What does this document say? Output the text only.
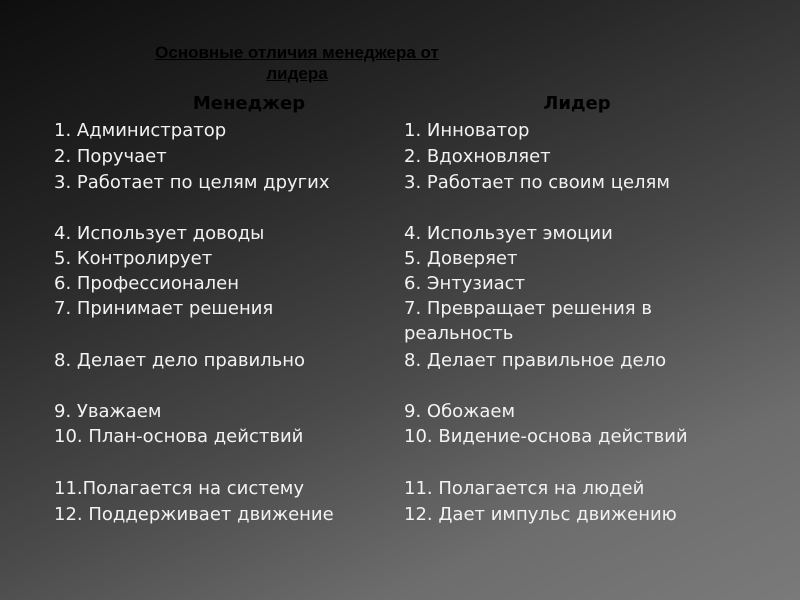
Основные отличия менеджера от лидера
Менеджер	Лидер
1. Администратор	1. Инноватор
2. Поручает	2. Вдохновляет
3. Работает по целям других	3. Работает по своим целям
4. Использует доводы	4. Использует эмоции
5. Контролирует	5. Доверяет
6. Профессионален	6. Энтузиаст
7. Принимает решения	7. Превращает решения в реальность
8. Делает дело правильно	8. Делает правильное дело
9. Уважаем	9. Обожаем
10. План-основа действий	10. Видение-основа действий
11.Полагается на систему	11. Полагается на людей
12. Поддерживает движение	12. Дает импульс движению
